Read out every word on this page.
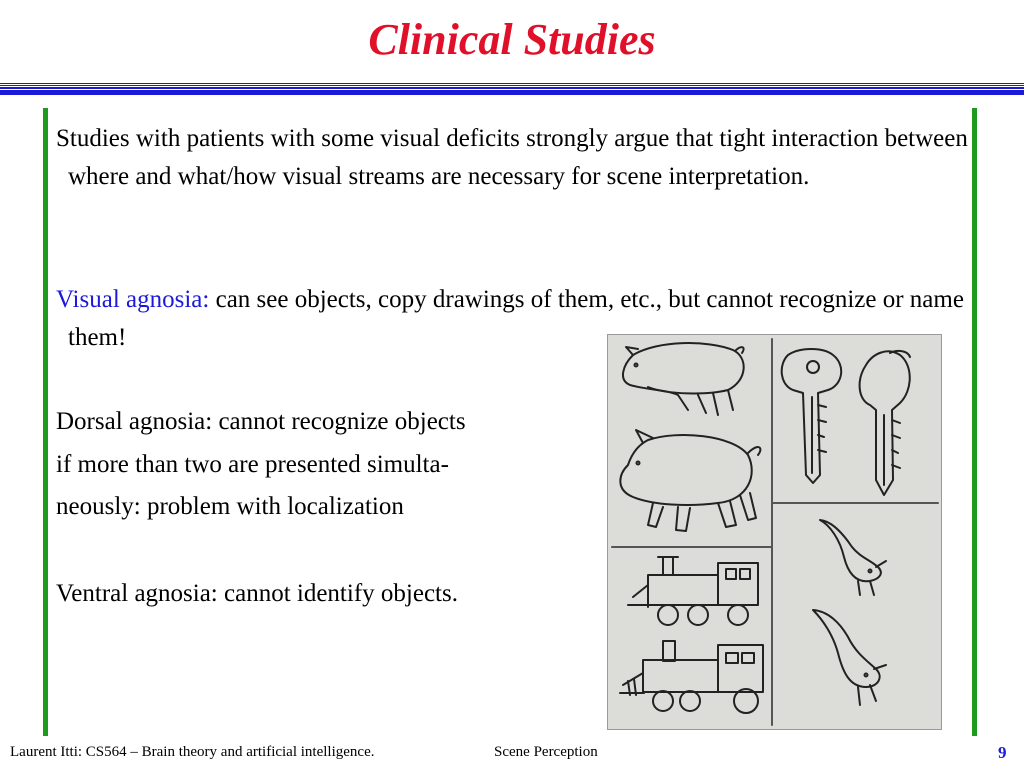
Clinical Studies
Studies with patients with some visual deficits strongly argue that tight interaction between where and what/how visual streams are necessary for scene interpretation.
Visual agnosia: can see objects, copy drawings of them, etc., but cannot recognize or name them!
Dorsal agnosia: cannot recognize objects
if more than two are presented simulta-
neously: problem with localization
Ventral agnosia: cannot identify objects.
Laurent Itti: CS564 – Brain theory and artificial intelligence.	Scene Perception	9
